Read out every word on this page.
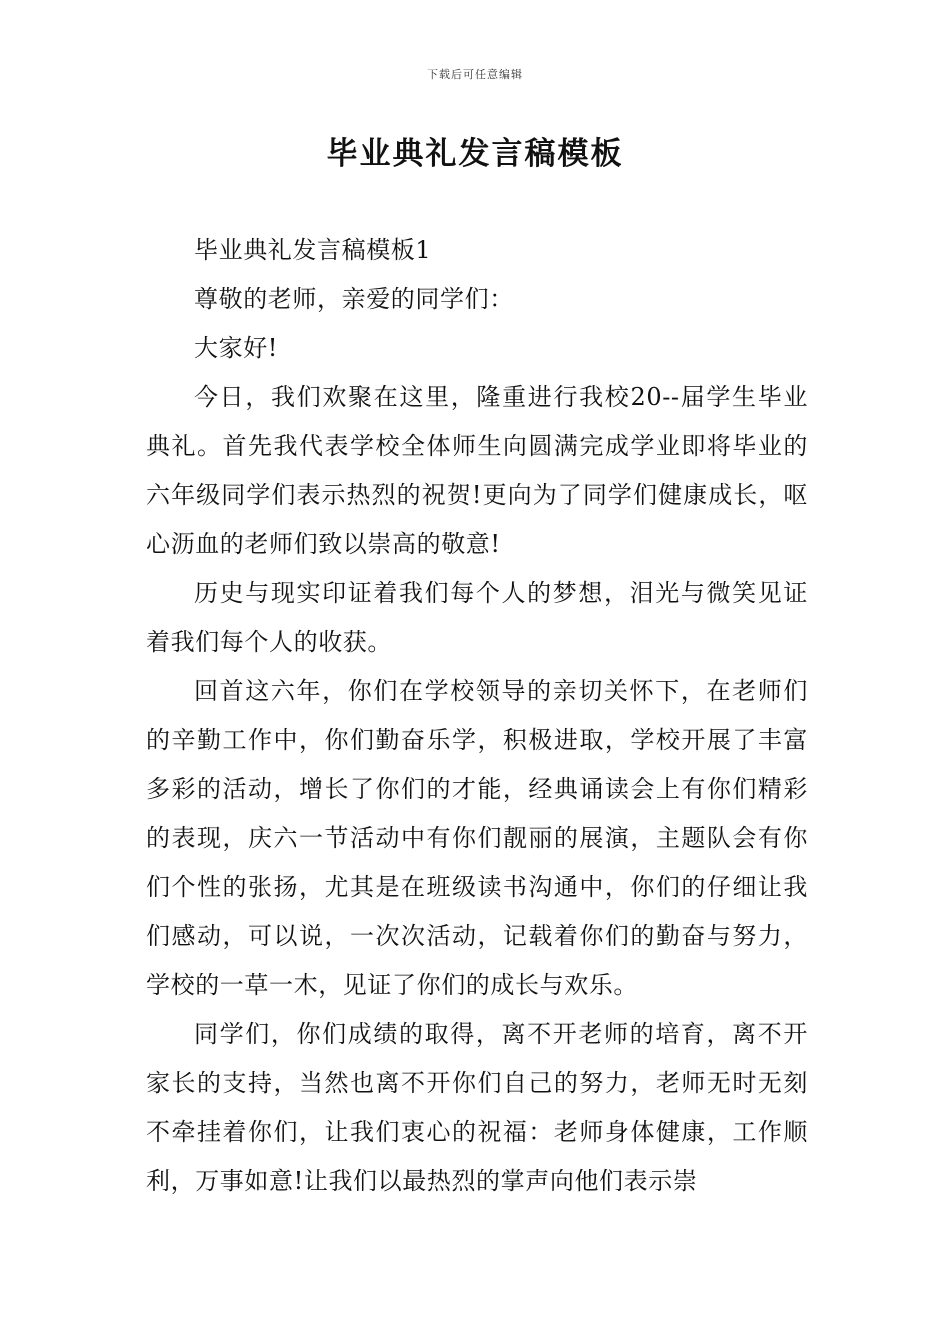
下载后可任意编辑
毕业典礼发言稿模板

毕业典礼发言稿模板1

尊敬的老师，亲爱的同学们：

大家好!

今日，我们欢聚在这里，隆重进行我校20--届学生毕业典礼。首先我代表学校全体师生向圆满完成学业即将毕业的六年级同学们表示热烈的祝贺!更向为了同学们健康成长，呕心沥血的老师们致以崇高的敬意!

历史与现实印证着我们每个人的梦想，泪光与微笑见证着我们每个人的收获。

回首这六年，你们在学校领导的亲切关怀下，在老师们的辛勤工作中，你们勤奋乐学，积极进取，学校开展了丰富多彩的活动，增长了你们的才能，经典诵读会上有你们精彩的表现，庆六一节活动中有你们靓丽的展演，主题队会有你们个性的张扬，尤其是在班级读书沟通中，你们的仔细让我们感动，可以说，一次次活动，记载着你们的勤奋与努力，学校的一草一木，见证了你们的成长与欢乐。

同学们，你们成绩的取得，离不开老师的培育，离不开家长的支持，当然也离不开你们自己的努力，老师无时无刻不牵挂着你们，让我们衷心的祝福：老师身体健康，工作顺利，万事如意!让我们以最热烈的掌声向他们表示崇
